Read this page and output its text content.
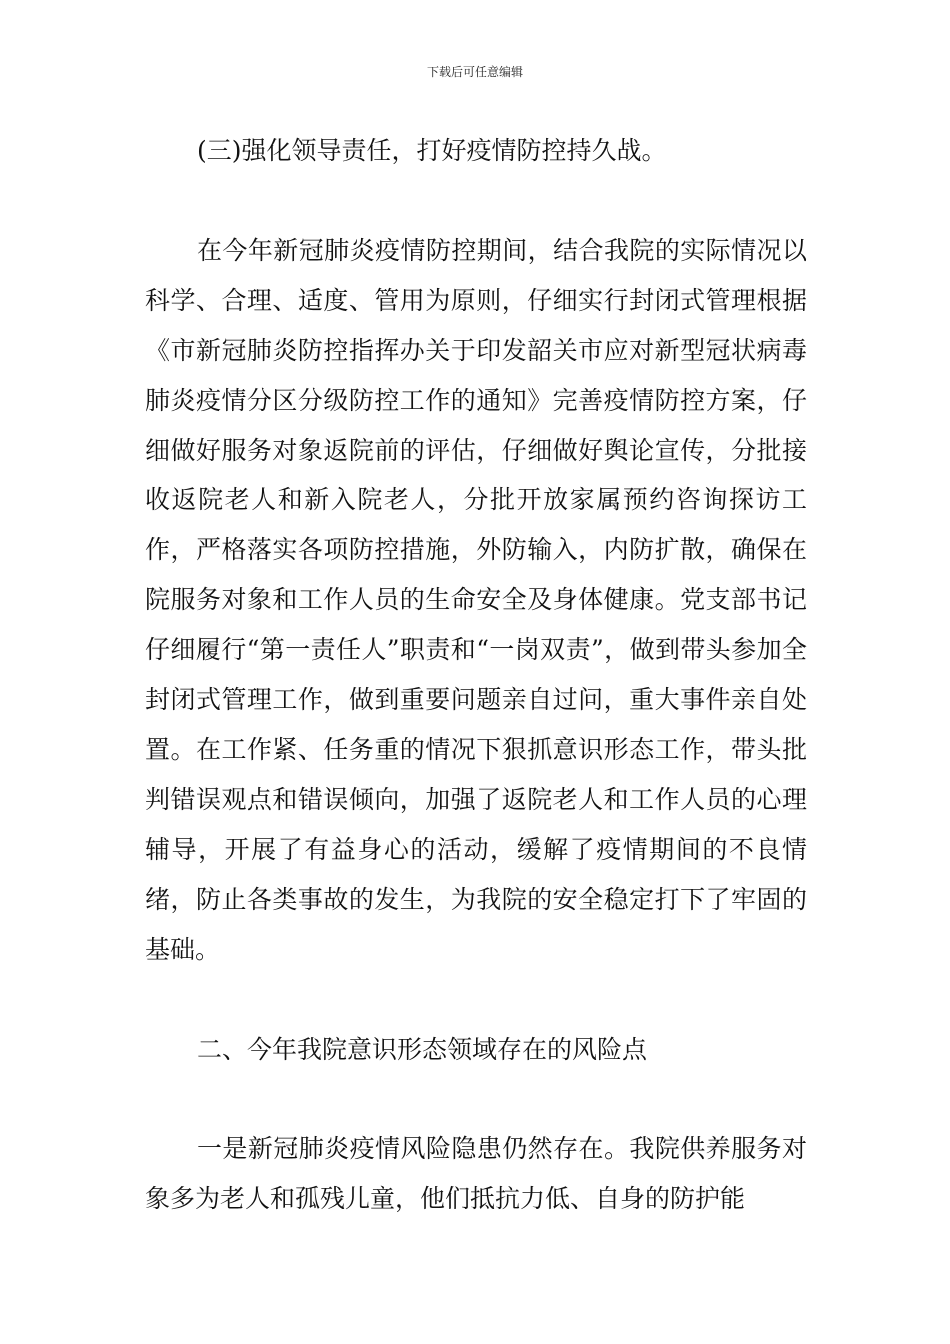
下载后可任意编辑

(三)强化领导责任，打好疫情防控持久战。

在今年新冠肺炎疫情防控期间，结合我院的实际情况以科学、合理、适度、管用为原则，仔细实行封闭式管理根据《市新冠肺炎防控指挥办关于印发韶关市应对新型冠状病毒肺炎疫情分区分级防控工作的通知》完善疫情防控方案，仔细做好服务对象返院前的评估，仔细做好舆论宣传，分批接收返院老人和新入院老人，分批开放家属预约咨询探访工作，严格落实各项防控措施，外防输入，内防扩散，确保在院服务对象和工作人员的生命安全及身体健康。党支部书记仔细履行“第一责任人”职责和“一岗双责”，做到带头参加全封闭式管理工作，做到重要问题亲自过问，重大事件亲自处置。在工作紧、任务重的情况下狠抓意识形态工作，带头批判错误观点和错误倾向，加强了返院老人和工作人员的心理辅导，开展了有益身心的活动，缓解了疫情期间的不良情绪，防止各类事故的发生，为我院的安全稳定打下了牢固的基础。

二、今年我院意识形态领域存在的风险点

一是新冠肺炎疫情风险隐患仍然存在。我院供养服务对象多为老人和孤残儿童，他们抵抗力低、自身的防护能
